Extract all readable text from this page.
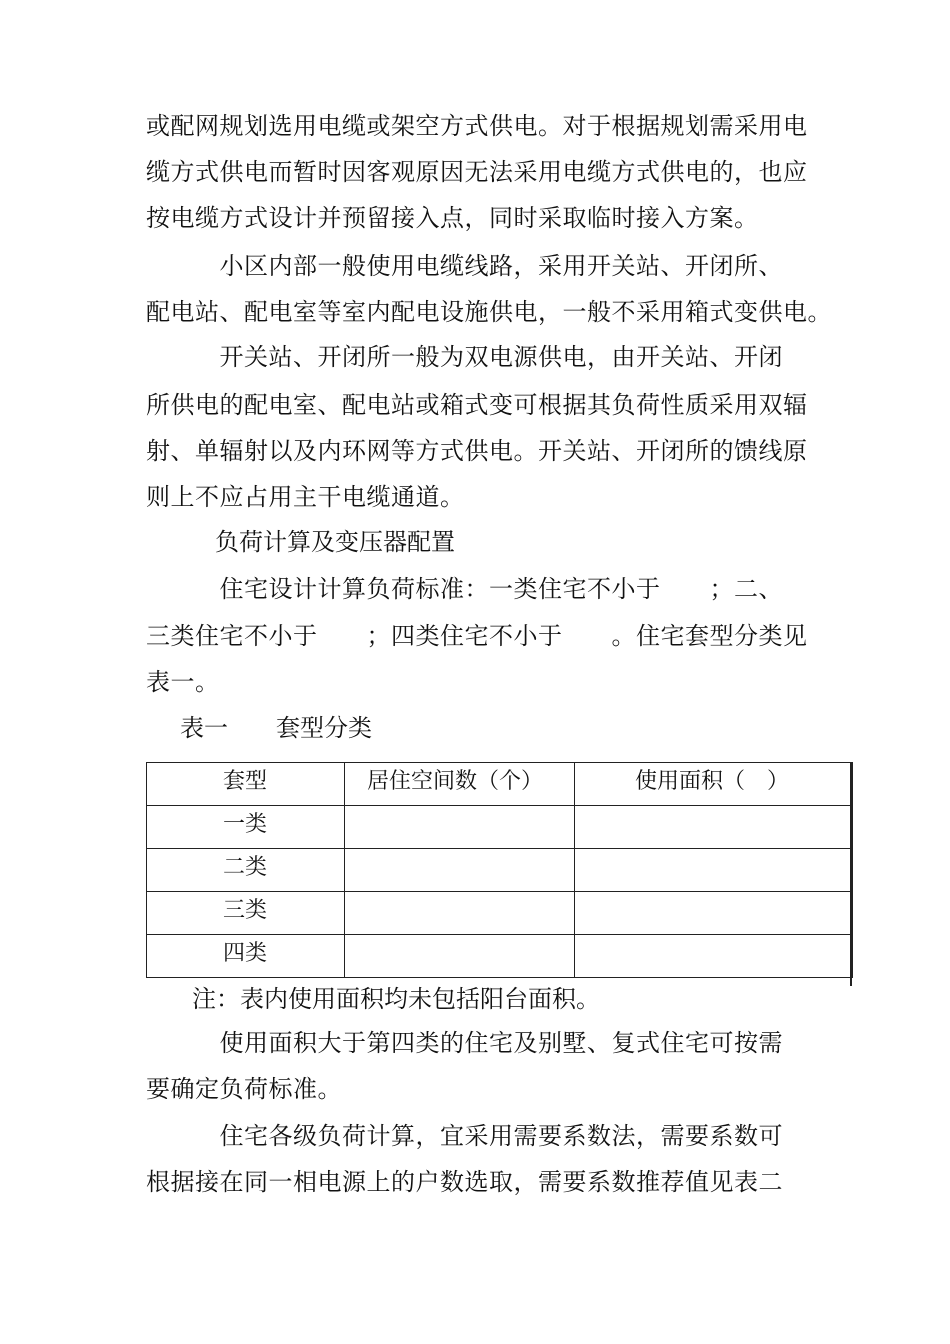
或配网规划选用电缆或架空方式供电。对于根据规划需采用电
缆方式供电而暂时因客观原因无法采用电缆方式供电的，也应
按电缆方式设计并预留接入点，同时采取临时接入方案。
　　　小区内部一般使用电缆线路，采用开关站、开闭所、
配电站、配电室等室内配电设施供电，一般不采用箱式变供电。
　　　开关站、开闭所一般为双电源供电，由开关站、开闭
所供电的配电室、配电站或箱式变可根据其负荷性质采用双辐
射、单辐射以及内环网等方式供电。开关站、开闭所的馈线原
则上不应占用主干电缆通道。
负荷计算及变压器配置
　　　住宅设计计算负荷标准：一类住宅不小于　　；二、
三类住宅不小于　　；四类住宅不小于　　。住宅套型分类见
表一。
表一　　套型分类
套型	居住空间数（个）	使用面积（　）

一类		

二类		

三类		

四类		

注：表内使用面积均未包括阳台面积。
　　　使用面积大于第四类的住宅及别墅、复式住宅可按需
要确定负荷标准。
　　　住宅各级负荷计算，宜采用需要系数法，需要系数可
根据接在同一相电源上的户数选取，需要系数推荐值见表二
